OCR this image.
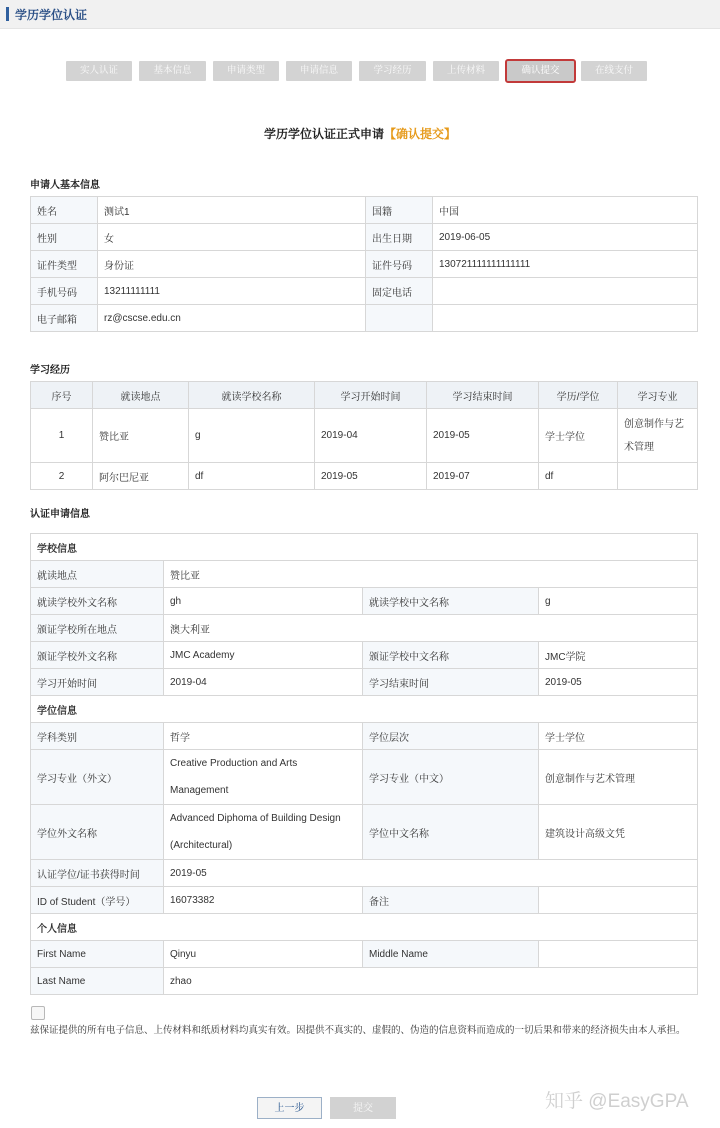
学历学位认证
实人认证	基本信息	申请类型	申请信息	学习经历	上传材料	确认提交	在线支付
学历学位认证正式申请【确认提交】
申请人基本信息
姓名	测试1	国籍	中国
性别	女	出生日期	2019-06-05
证件类型	身份证	证件号码	130721111111111111
手机号码	13211111111	固定电话	
电子邮箱	rz@cscse.edu.cn		
学习经历
序号	就读地点	就读学校名称	学习开始时间	学习结束时间	学历/学位	学习专业
1	赞比亚	g	2019-04	2019-05	学士学位	创意制作与艺术管理
2	阿尔巴尼亚	df	2019-05	2019-07	df	
认证申请信息
学校信息			
就读地点	赞比亚		
就读学校外文名称	gh	就读学校中文名称	g
颁证学校所在地点	澳大利亚		
颁证学校外文名称	JMC Academy	颁证学校中文名称	JMC学院
学习开始时间	2019-04	学习结束时间	2019-05
学位信息			
学科类别	哲学	学位层次	学士学位
学习专业（外文）	Creative Production and Arts
Management	学习专业（中文）	创意制作与艺术管理
学位外文名称	Advanced Diphoma of Building Design
(Architectural)	学位中文名称	建筑设计高级文凭
认证学位/证书获得时间	2019-05		
ID of Student（学号）	16073382	备注	
个人信息			
First Name	Qinyu	Middle Name	
Last Name	zhao		
兹保证提供的所有电子信息、上传材料和纸质材料均真实有效。因提供不真实的、虚假的、伪造的信息资料而造成的一切后果和带来的经济损失由本人承担。
上一步	提交	知乎 @EasyGPA
